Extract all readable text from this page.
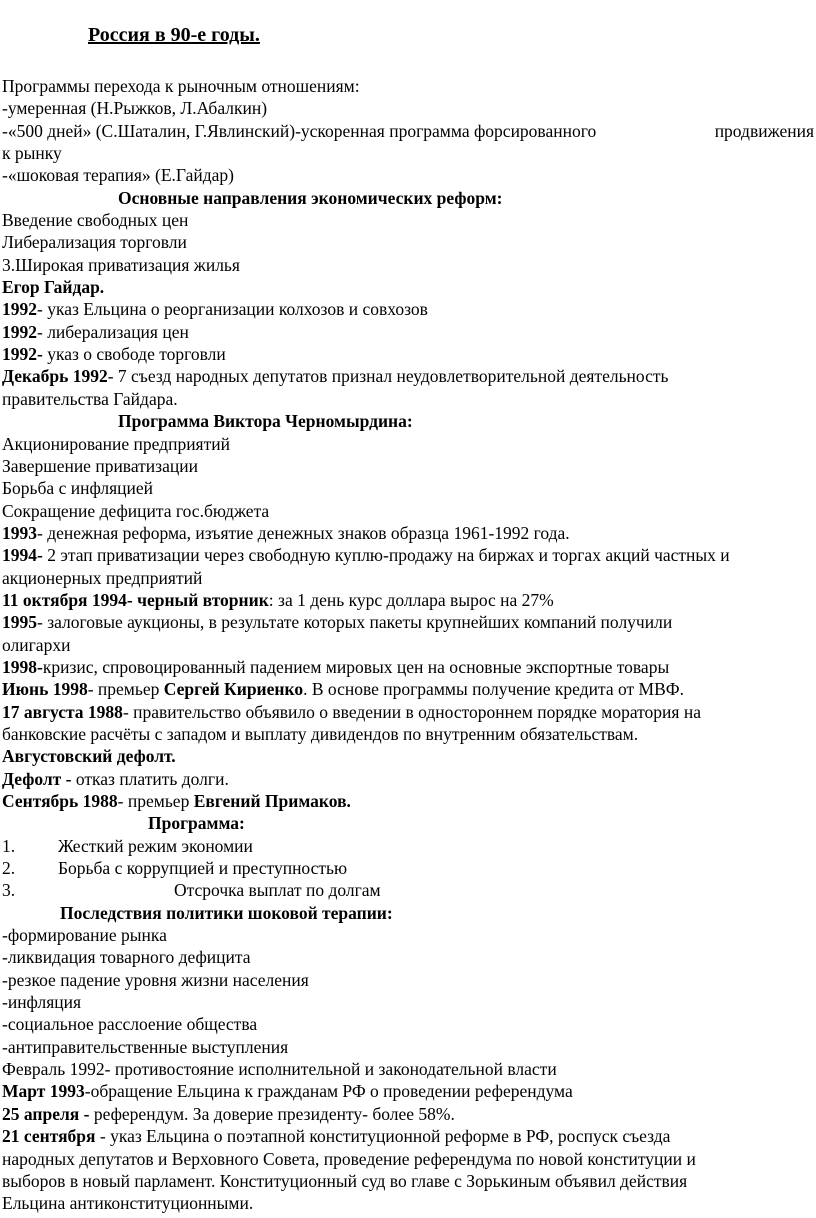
Россия в 90-е годы.
Программы перехода к рыночным отношениям:
-умеренная (Н.Рыжков, Л.Абалкин)
-«500 дней» (С.Шаталин, Г.Явлинский)-ускоренная программа форсированного	продвижения
к рынку
-«шоковая терапия» (Е.Гайдар)
Основные направления экономических реформ:
Введение свободных цен
Либерализация торговли
3.Широкая приватизация жилья
Егор Гайдар.
1992- указ Ельцина о реорганизации колхозов и совхозов
1992- либерализация цен
1992- указ о свободе торговли
Декабрь 1992- 7 съезд народных депутатов признал неудовлетворительной деятельность
правительства Гайдара.
Программа Виктора Черномырдина:
Акционирование предприятий
Завершение приватизации
Борьба с инфляцией
Сокращение дефицита гос.бюджета
1993- денежная реформа, изъятие денежных знаков образца 1961-1992 года.
1994- 2 этап приватизации через свободную куплю-продажу на биржах и торгах акций частных и
акционерных предприятий
11 октября 1994- черный вторник: за 1 день курс доллара вырос на 27%
1995- залоговые аукционы, в результате которых пакеты крупнейших компаний получили
олигархи
1998-кризис, спровоцированный падением мировых цен на основные экспортные товары
Июнь 1998- премьер Сергей Кириенко. В основе программы получение кредита от МВФ.
17 августа 1988- правительство объявило о введении в одностороннем порядке моратория на
банковские расчёты с западом и выплату дивидендов по внутренним обязательствам.
Августовский дефолт.
Дефолт - отказ платить долги.
Сентябрь 1988- премьер Евгений Примаков.
Программа:
1. Жесткий режим экономии
2. Борьба с коррупцией и преступностью
3.	Отсрочка выплат по долгам
Последствия политики шоковой терапии:
-формирование рынка
-ликвидация товарного дефицита
-резкое падение уровня жизни населения
-инфляция
-социальное расслоение общества
-антиправительственные выступления
Февраль 1992- противостояние исполнительной и законодательной власти
Март 1993-обращение Ельцина к гражданам РФ о проведении референдума
25 апреля - референдум. За доверие президенту- более 58%.
21 сентября - указ Ельцина о поэтапной конституционной реформе в РФ, роспуск съезда
народных депутатов и Верховного Совета, проведение референдума по новой конституции и
выборов в новый парламент. Конституционный суд во главе с Зорькиным объявил действия
Ельцина антиконституционными.
